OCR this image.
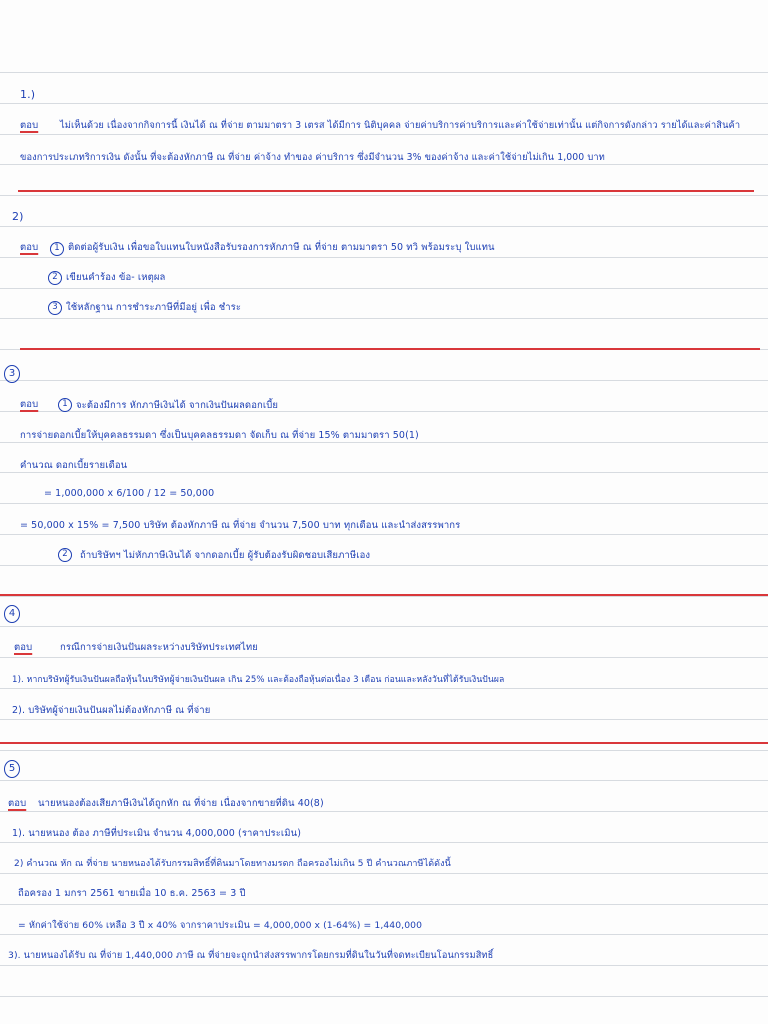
1.)
ตอบ ไม่เห็นด้วย เนื่องจากกิจการนี้ เงินได้ ณ ที่จ่าย ตามมาตรา 3 เตรส ได้มีการ นิติบุคคล จ่ายค่าบริการค่าบริการและค่าใช้จ่ายเท่านั้น แต่กิจการดังกล่าว รายได้และค่าสินค้า
ของการประเภทริการเงิน ดังนั้น ที่จะต้องหักภาษี ณ ที่จ่าย ค่าจ้าง ทำของ ค่าบริการ ซึ่งมีจำนวน 3% ของค่าจ้าง และค่าใช้จ่ายไม่เกิน 1,000 บาท
2)
ตอบ	1 ติดต่อผู้รับเงิน เพื่อขอใบแทนใบหนังสือรับรองการหักภาษี ณ ที่จ่าย ตามมาตรา 50 ทวิ พร้อมระบุ ใบแทน
2 เขียนคำร้อง ข้อ- เหตุผล
3 ใช้หลักฐาน การชำระภาษีที่มีอยู่ เพื่อ ชำระ
3
ตอบ	1 จะต้องมีการ หักภาษีเงินได้ จากเงินปันผลดอกเบี้ย
การจ่ายดอกเบี้ยให้บุคคลธรรมดา ซึ่งเป็นบุคคลธรรมดา จัดเก็บ ณ ที่จ่าย 15% ตามมาตรา 50(1)
คำนวณ ดอกเบี้ยรายเดือน
= 1,000,000 x 6/100 / 12 = 50,000
= 50,000 x 15% = 7,500 บริษัท ต้องหักภาษี ณ ที่จ่าย จำนวน 7,500 บาท ทุกเดือน และนำส่งสรรพากร
2	ถ้าบริษัทฯ ไม่หักภาษีเงินได้ จากดอกเบี้ย ผู้รับต้องรับผิดชอบเสียภาษีเอง
4
ตอบ	กรณีการจ่ายเงินปันผลระหว่างบริษัทประเทศไทย
1). หากบริษัทผู้รับเงินปันผลถือหุ้นในบริษัทผู้จ่ายเงินปันผล เกิน 25% และต้องถือหุ้นต่อเนื่อง 3 เดือน ก่อนและหลังวันที่ได้รับเงินปันผล
2). บริษัทผู้จ่ายเงินปันผลไม่ต้องหักภาษี ณ ที่จ่าย
5
ตอบ นายหนองต้องเสียภาษีเงินได้ถูกหัก ณ ที่จ่าย เนื่องจากขายที่ดิน 40(8)
1). นายหนอง ต้อง ภาษีที่ประเมิน จำนวน 4,000,000 (ราคาประเมิน)
2) คำนวณ หัก ณ ที่จ่าย นายหนองได้รับกรรมสิทธิ์ที่ดินมาโดยทางมรดก ถือครองไม่เกิน 5 ปี คำนวณภาษีได้ดังนี้
ถือครอง 1 มกรา 2561 ขายเมื่อ 10 ธ.ค. 2563 = 3 ปี
= หักค่าใช้จ่าย 60% เหลือ 3 ปี x 40% จากราคาประเมิน = 4,000,000 x (1-64%) = 1,440,000
3). นายหนองได้รับ ณ ที่จ่าย 1,440,000 ภาษี ณ ที่จ่ายจะถูกนำส่งสรรพากรโดยกรมที่ดินในวันที่จดทะเบียนโอนกรรมสิทธิ์
